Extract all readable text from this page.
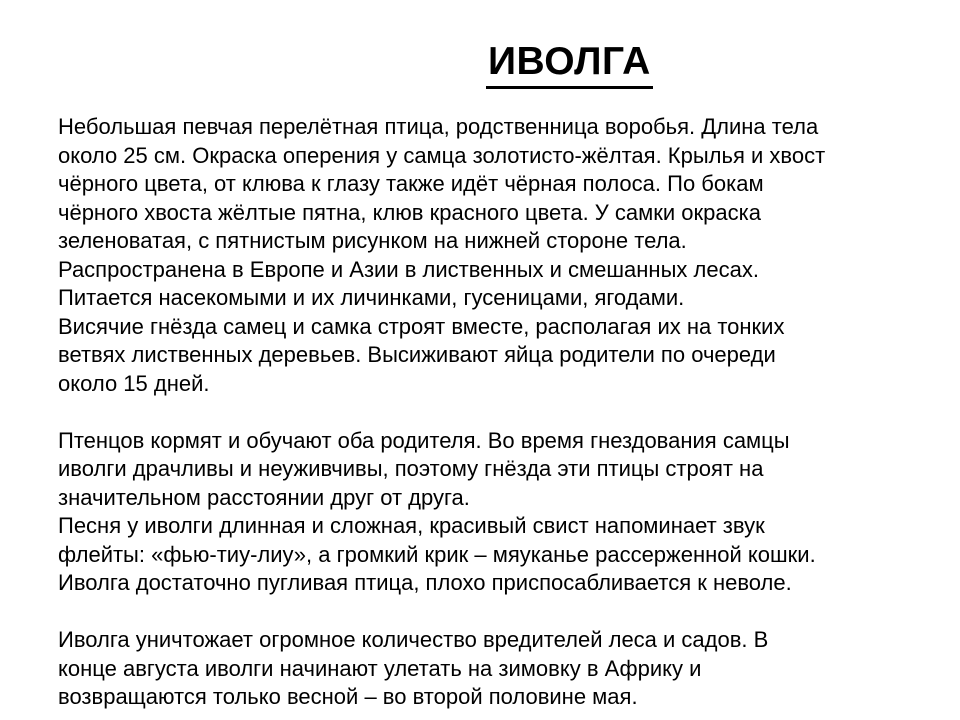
ИВОЛГА
Небольшая певчая перелётная птица, родственница воробья. Длина тела
около 25 см. Окраска оперения у самца золотисто-жёлтая. Крылья и хвост
чёрного цвета, от клюва к глазу также идёт чёрная полоса. По бокам
чёрного хвоста жёлтые пятна, клюв красного цвета. У самки окраска
зеленоватая, с пятнистым рисунком на нижней стороне тела.
Распространена в Европе и Азии в лиственных и смешанных лесах.
Питается насекомыми и их личинками, гусеницами, ягодами.
Висячие гнёзда самец и самка строят вместе, располагая их на тонких
ветвях лиственных деревьев. Высиживают яйца родители по очереди
около 15 дней.
Птенцов кормят и обучают оба родителя. Во время гнездования самцы
иволги драчливы и неуживчивы, поэтому гнёзда эти птицы строят на
значительном расстоянии друг от друга.
Песня у иволги длинная и сложная, красивый свист напоминает звук
флейты: «фью-тиу-лиу», а громкий крик – мяуканье рассерженной кошки.
Иволга достаточно пугливая птица, плохо приспосабливается к неволе.
Иволга уничтожает огромное количество вредителей леса и садов. В
конце августа иволги начинают улетать на зимовку в Африку и
возвращаются только весной – во второй половине мая.
